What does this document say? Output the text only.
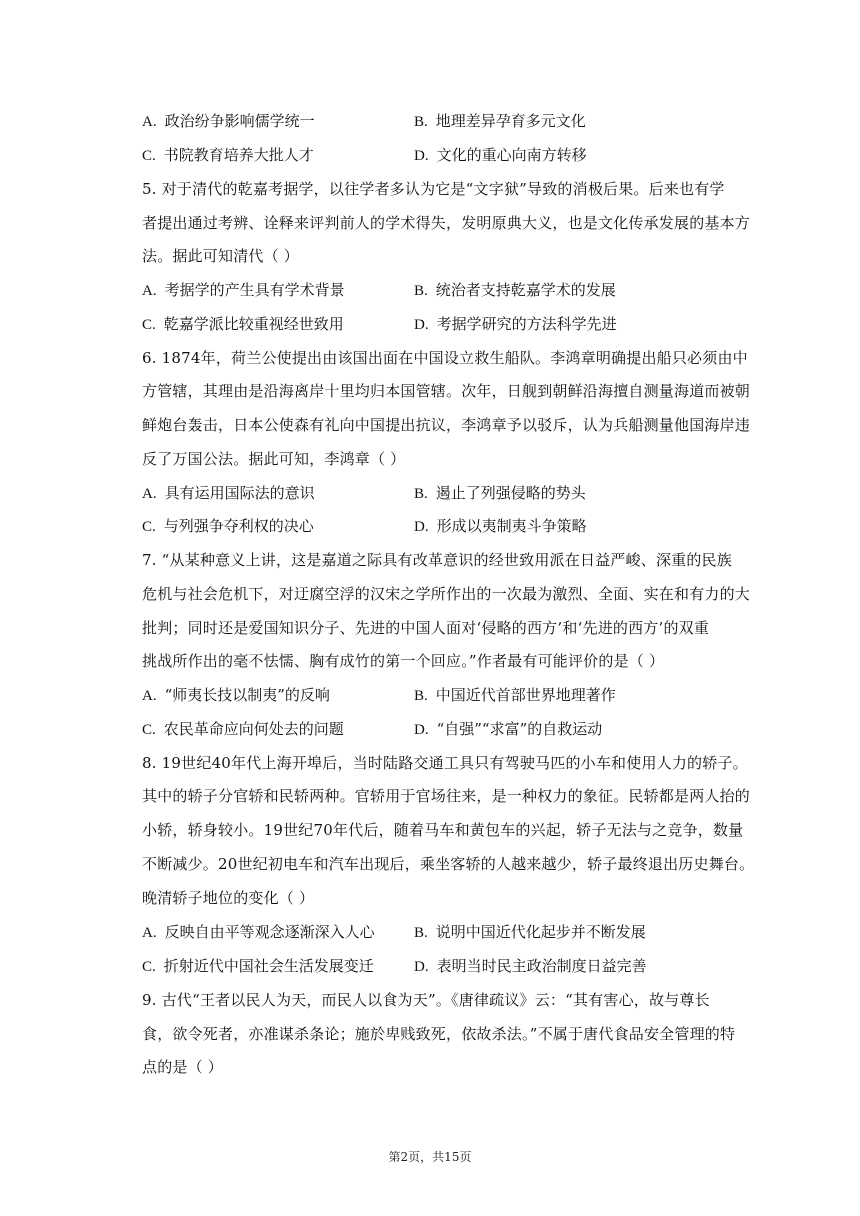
A. 政治纷争影响儒学统一	B. 地理差异孕育多元文化
C. 书院教育培养大批人才	D. 文化的重心向南方转移
5. 对于清代的乾嘉考据学，以往学者多认为它是“文字狱”导致的消极后果。后来也有学
者提出通过考辨、诠释来评判前人的学术得失，发明原典大义，也是文化传承发展的基本方
法。据此可知清代（ ）
A. 考据学的产生具有学术背景	B. 统治者支持乾嘉学术的发展
C. 乾嘉学派比较重视经世致用	D. 考据学研究的方法科学先进
6. 1874年，荷兰公使提出由该国出面在中国设立救生船队。李鸿章明确提出船只必须由中
方管辖，其理由是沿海离岸十里均归本国管辖。次年，日舰到朝鲜沿海擅自测量海道而被朝
鲜炮台轰击，日本公使森有礼向中国提出抗议，李鸿章予以驳斥，认为兵船测量他国海岸违
反了万国公法。据此可知，李鸿章（ ）
A. 具有运用国际法的意识	B. 遏止了列强侵略的势头
C. 与列强争夺利权的决心	D. 形成以夷制夷斗争策略
7. “从某种意义上讲，这是嘉道之际具有改革意识的经世致用派在日益严峻、深重的民族
危机与社会危机下，对迂腐空浮的汉宋之学所作出的一次最为激烈、全面、实在和有力的大
批判；同时还是爱国知识分子、先进的中国人面对‘侵略的西方’和‘先进的西方’的双重
挑战所作出的毫不怯懦、胸有成竹的第一个回应。”作者最有可能评价的是（ ）
A. “师夷长技以制夷”的反响	B. 中国近代首部世界地理著作
C. 农民革命应向何处去的问题	D. “自强”“求富”的自救运动
8. 19世纪40年代上海开埠后，当时陆路交通工具只有驾驶马匹的小车和使用人力的轿子。
其中的轿子分官轿和民轿两种。官轿用于官场往来，是一种权力的象征。民轿都是两人抬的
小轿，轿身较小。19世纪70年代后，随着马车和黄包车的兴起，轿子无法与之竞争，数量
不断减少。20世纪初电车和汽车出现后，乘坐客轿的人越来越少，轿子最终退出历史舞台。
晚清轿子地位的变化（ ）
A. 反映自由平等观念逐渐深入人心	B. 说明中国近代化起步并不断发展
C. 折射近代中国社会生活发展变迁	D. 表明当时民主政治制度日益完善
9. 古代“王者以民人为天，而民人以食为天”。《唐律疏议》云：“其有害心，故与尊长
食，欲令死者，亦准谋杀条论；施於卑贱致死，依故杀法。”不属于唐代食品安全管理的特
点的是（ ）
第2页，共15页
